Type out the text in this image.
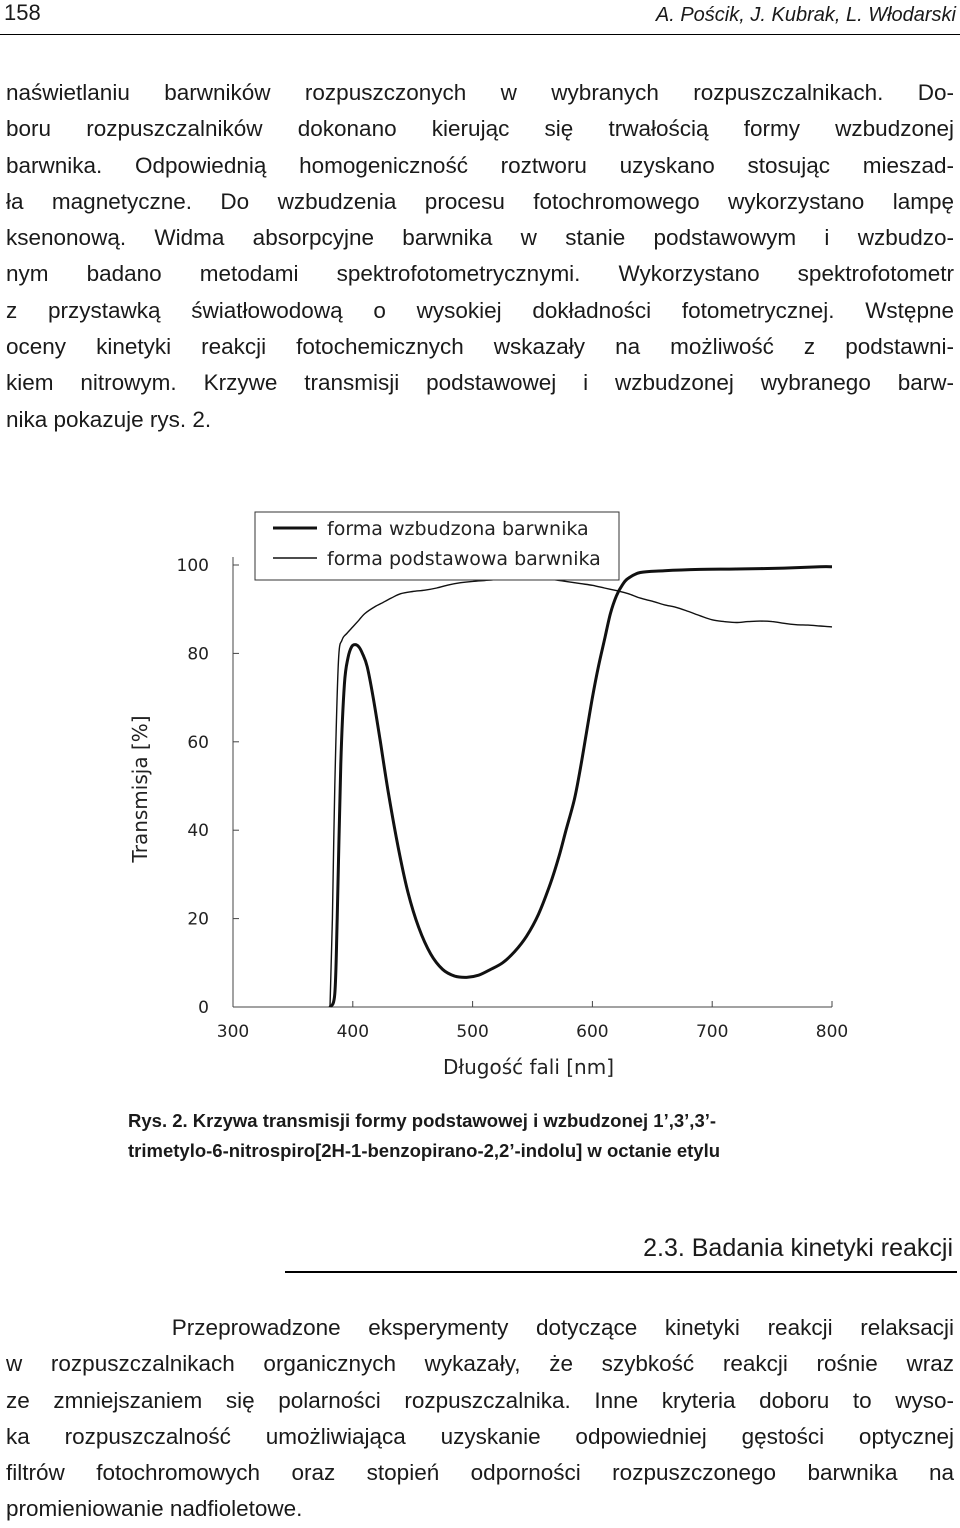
158	A. Pościk, J. Kubrak, L. Włodarski
naświetlaniu barwników rozpuszczonych w wybranych rozpuszczalnikach. Do-
boru rozpuszczalników dokonano kierując się trwałością formy wzbudzonej
barwnika. Odpowiednią homogeniczność roztworu uzyskano stosując mieszad-
ła magnetyczne. Do wzbudzenia procesu fotochromowego wykorzystano lampę
ksenonową. Widma absorpcyjne barwnika w stanie podstawowym i wzbudzo-
nym badano metodami spektrofotometrycznymi. Wykorzystano spektrofotometr
z przystawką światłowodową o wysokiej dokładności fotometrycznej. Wstępne
oceny kinetyki reakcji fotochemicznych wskazały na możliwość z podstawni-
kiem nitrowym. Krzywe transmisji podstawowej i wzbudzonej wybranego barw-
nika pokazuje rys. 2.
300	400	500	600	700	800
0
20
40
60
80
100
forma wzbudzona barwnika
forma podstawowa barwnika
Długość fali [nm]
Transmisja [%]
Rys. 2. Krzywa transmisji formy podstawowej i wzbudzonej 1’,3’,3’-
trimetylo-6-nitrospiro[2H-1-benzopirano-2,2’-indolu] w octanie etylu
2.3. Badania kinetyki reakcji
Przeprowadzone eksperymenty dotyczące kinetyki reakcji relaksacji
w rozpuszczalnikach organicznych wykazały, że szybkość reakcji rośnie wraz
ze zmniejszaniem się polarności rozpuszczalnika. Inne kryteria doboru to wyso-
ka rozpuszczalność umożliwiająca uzyskanie odpowiedniej gęstości optycznej
filtrów fotochromowych oraz stopień odporności rozpuszczonego barwnika na
promieniowanie nadfioletowe.
